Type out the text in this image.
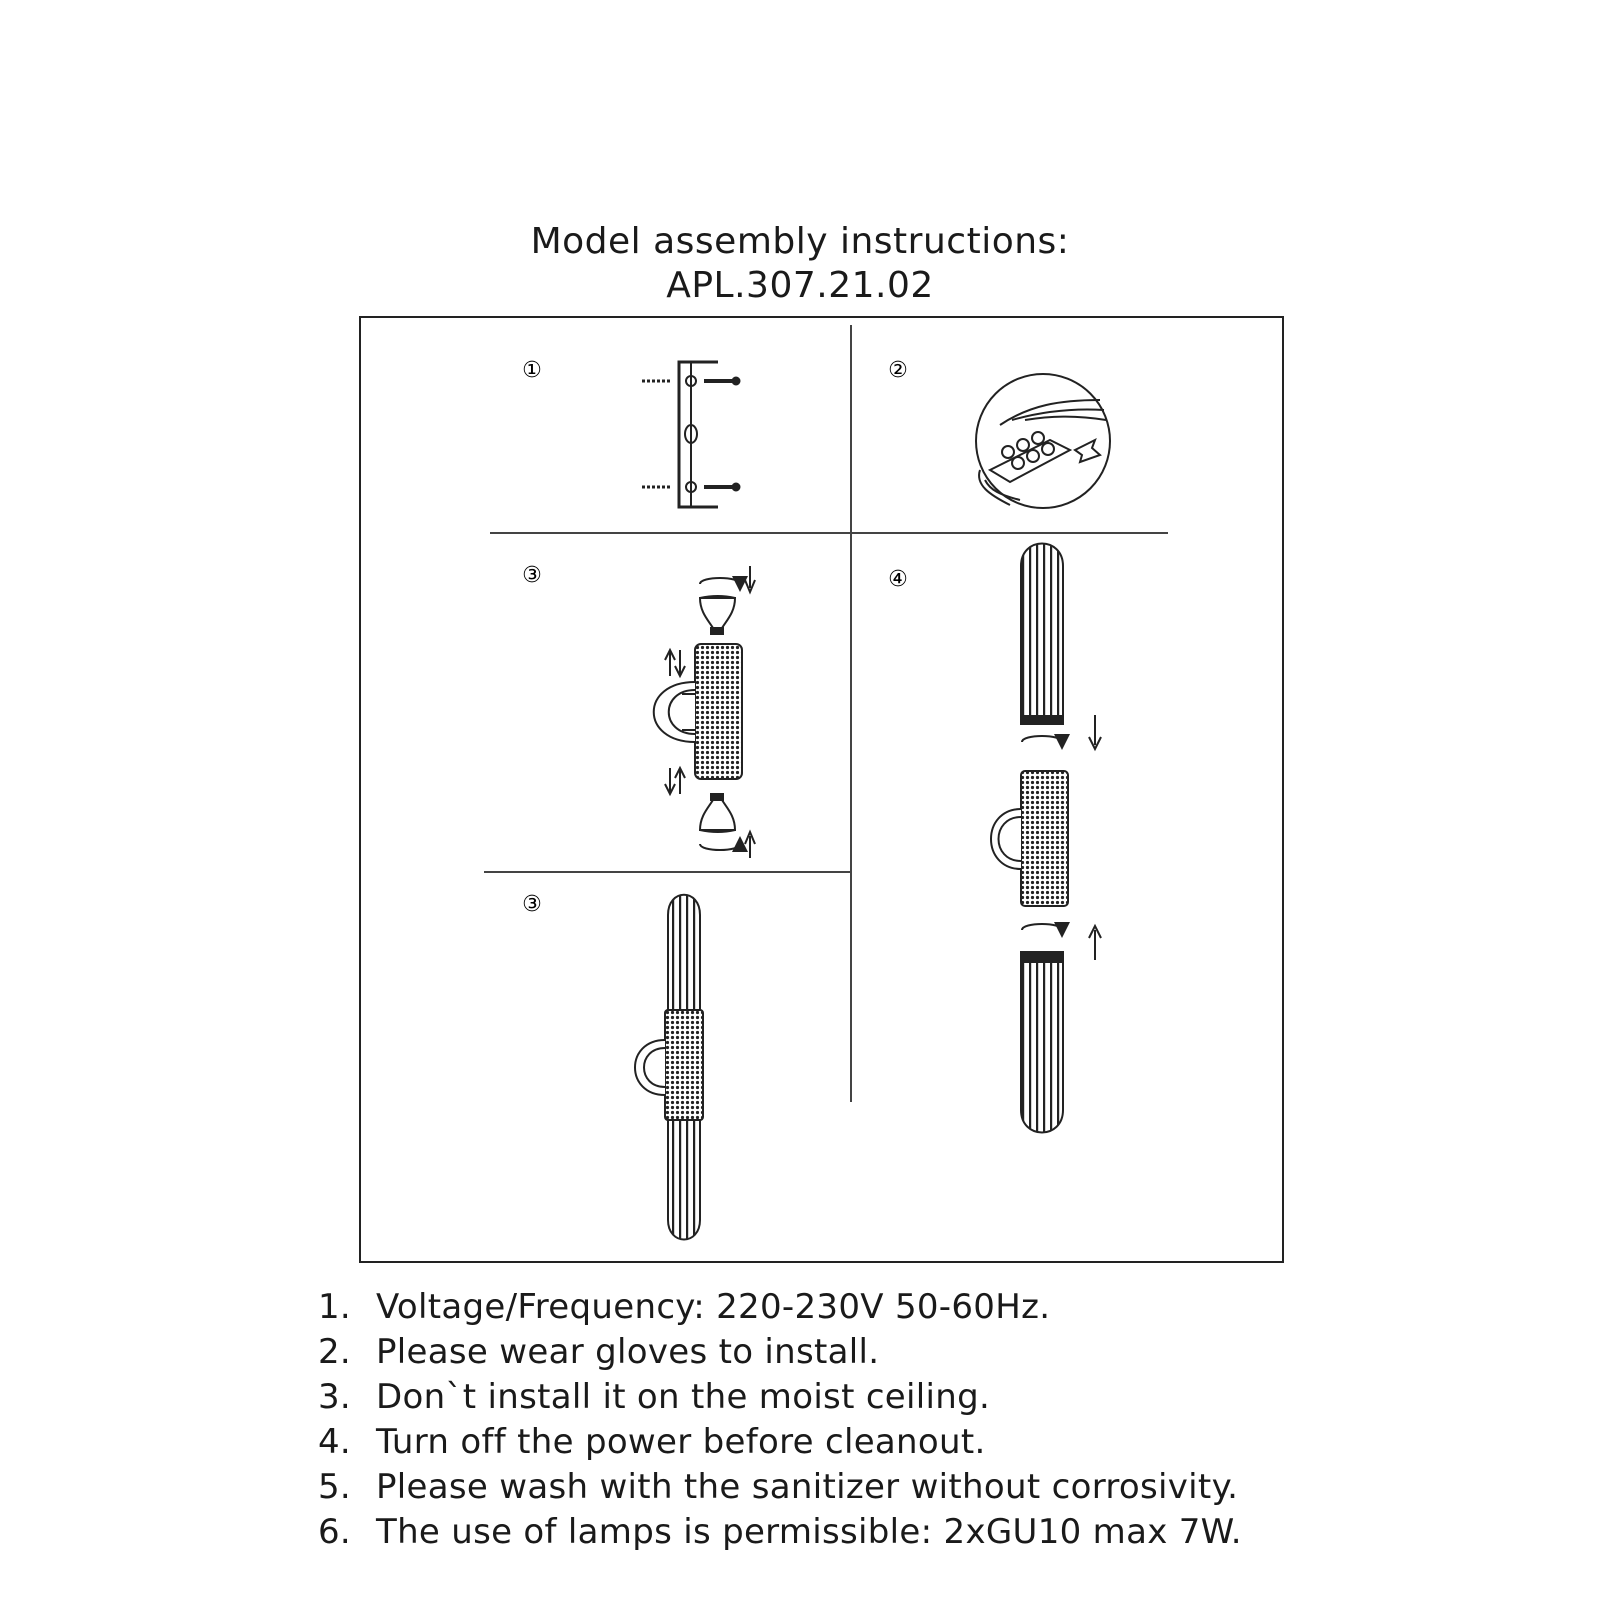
Model assembly instructions:
APL.307.21.02
①	②
③	④
③
1. Voltage/Frequency: 220-230V 50-60Hz.
2. Please wear gloves to install.
3. Don`t install it on the moist ceiling.
4. Turn off the power before cleanout.
5. Please wash with the sanitizer without corrosivity.
6. The use of lamps is permissible: 2xGU10 max 7W.
